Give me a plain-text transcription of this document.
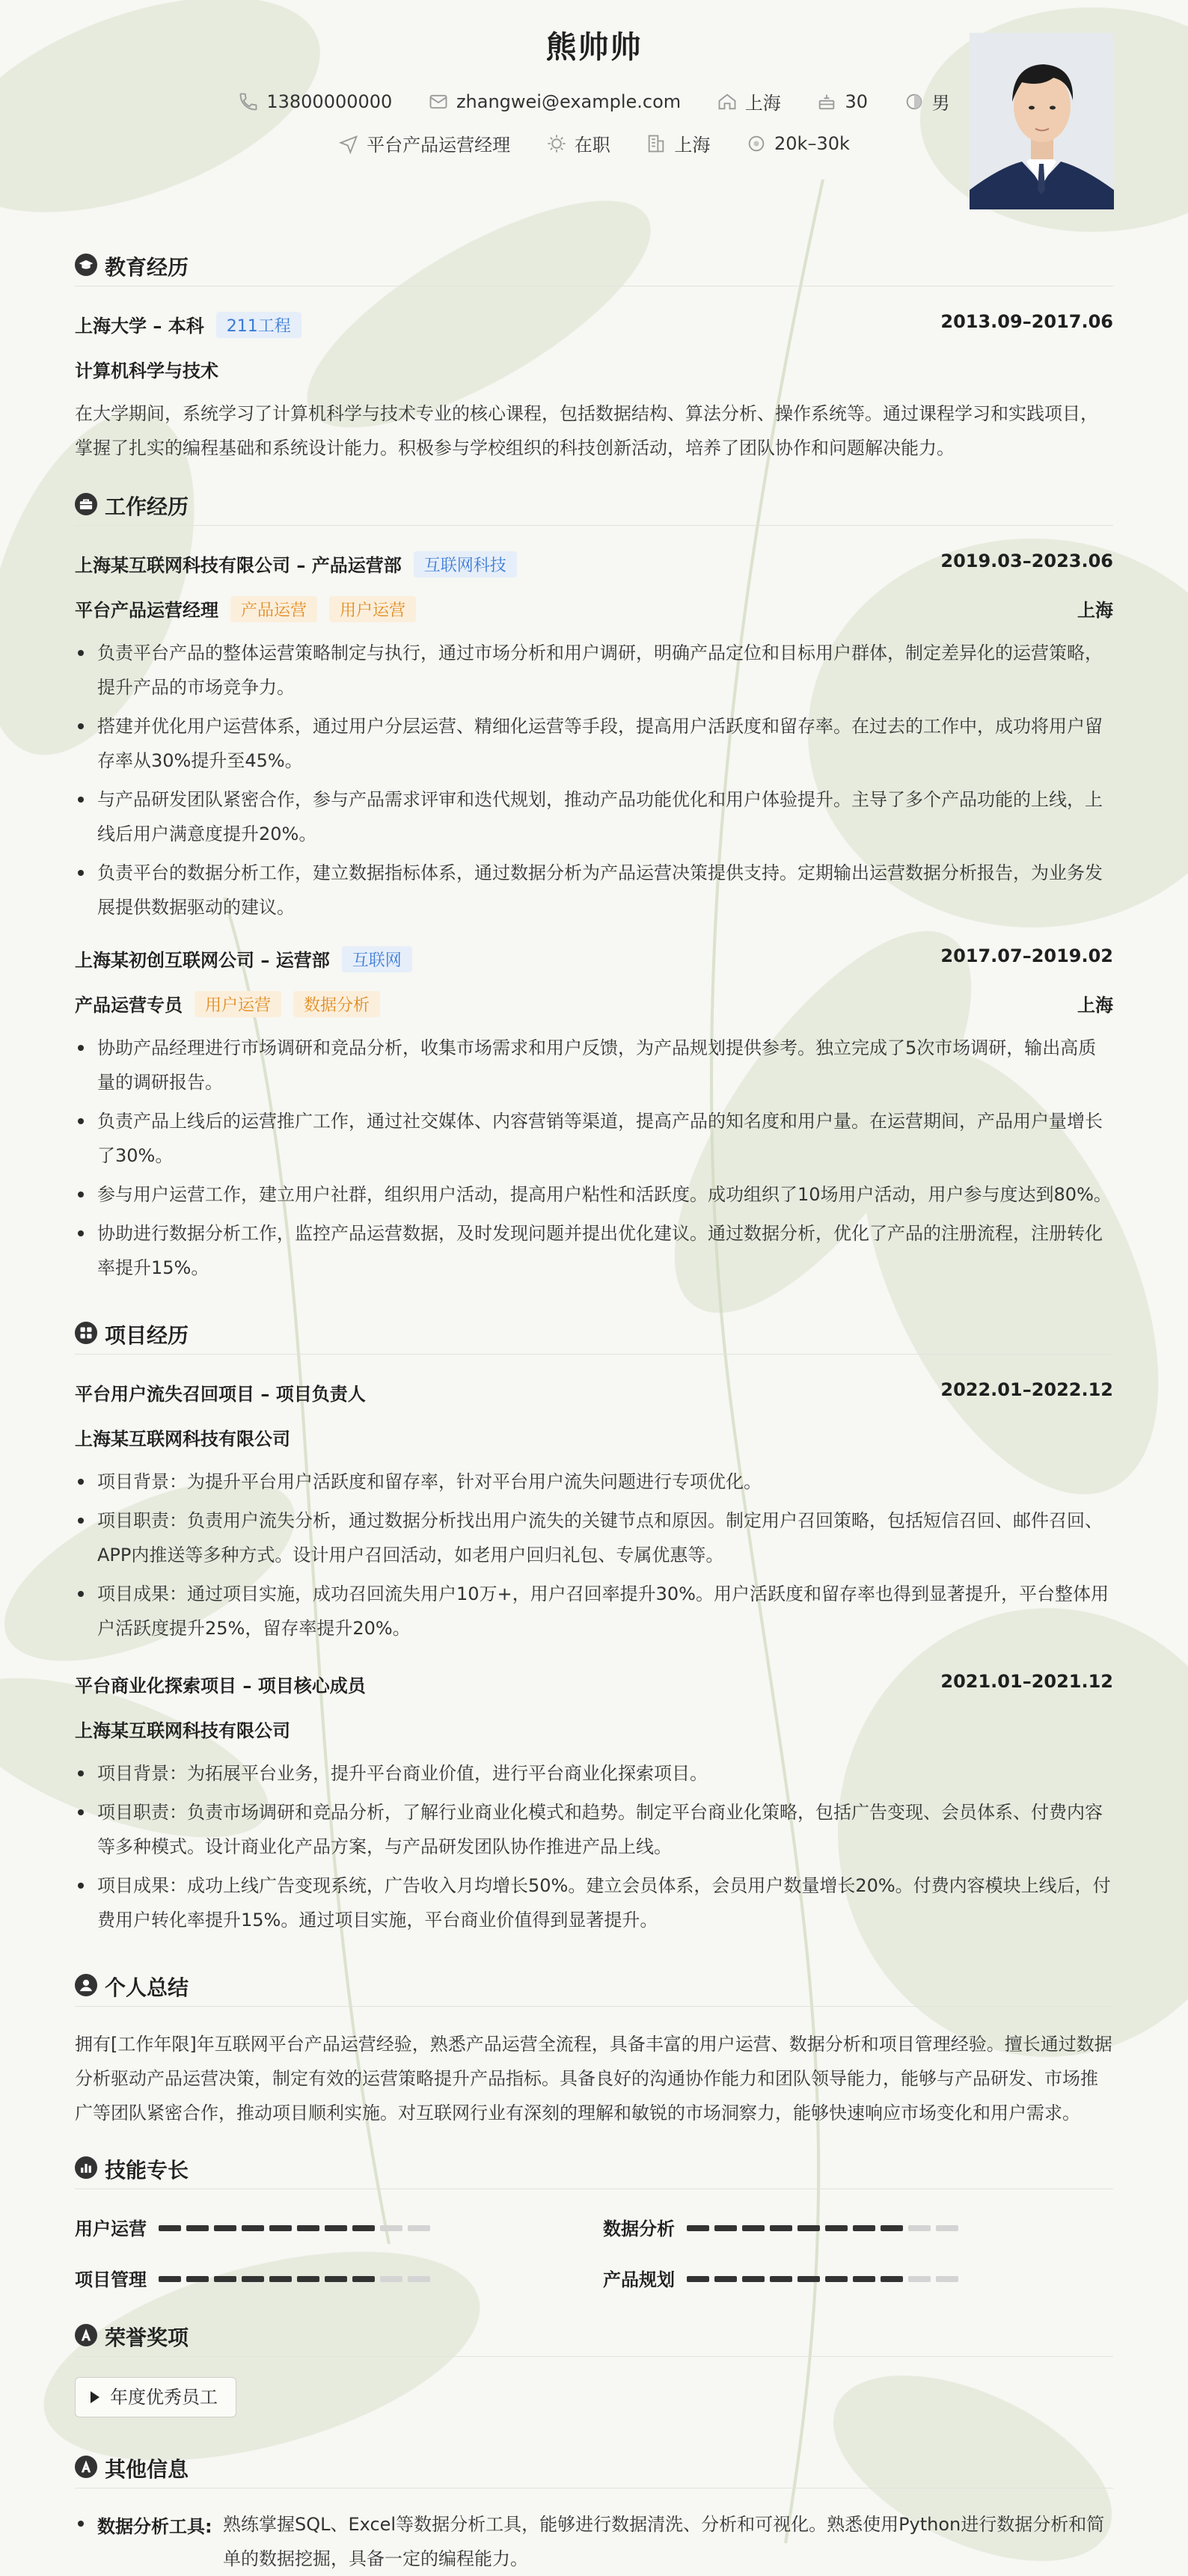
熊帅帅
13800000000	zhangwei@example.com	上海	30	男
平台产品运营经理	在职	上海	20k–30k
教育经历
上海大学 – 本科 211工程	2013.09–2017.06
计算机科学与技术
在大学期间，系统学习了计算机科学与技术专业的核心课程，包括数据结构、算法分析、操作系统等。通过课程学习和实践项目，掌握了扎实的编程基础和系统设计能力。积极参与学校组织的科技创新活动，培养了团队协作和问题解决能力。
工作经历
上海某互联网科技有限公司 – 产品运营部 互联网科技	2019.03–2023.06
平台产品运营经理 产品运营 用户运营	上海
负责平台产品的整体运营策略制定与执行，通过市场分析和用户调研，明确产品定位和目标用户群体，制定差异化的运营策略，提升产品的市场竞争力。
搭建并优化用户运营体系，通过用户分层运营、精细化运营等手段，提高用户活跃度和留存率。在过去的工作中，成功将用户留存率从30%提升至45%。
与产品研发团队紧密合作，参与产品需求评审和迭代规划，推动产品功能优化和用户体验提升。主导了多个产品功能的上线，上线后用户满意度提升20%。
负责平台的数据分析工作，建立数据指标体系，通过数据分析为产品运营决策提供支持。定期输出运营数据分析报告，为业务发展提供数据驱动的建议。
上海某初创互联网公司 – 运营部 互联网	2017.07–2019.02
产品运营专员 用户运营 数据分析	上海
协助产品经理进行市场调研和竞品分析，收集市场需求和用户反馈，为产品规划提供参考。独立完成了5次市场调研，输出高质量的调研报告。
负责产品上线后的运营推广工作，通过社交媒体、内容营销等渠道，提高产品的知名度和用户量。在运营期间，产品用户量增长了30%。
参与用户运营工作，建立用户社群，组织用户活动，提高用户粘性和活跃度。成功组织了10场用户活动，用户参与度达到80%。
协助进行数据分析工作，监控产品运营数据，及时发现问题并提出优化建议。通过数据分析，优化了产品的注册流程，注册转化率提升15%。
项目经历
平台用户流失召回项目 – 项目负责人	2022.01–2022.12
上海某互联网科技有限公司
项目背景：为提升平台用户活跃度和留存率，针对平台用户流失问题进行专项优化。
项目职责：负责用户流失分析，通过数据分析找出用户流失的关键节点和原因。制定用户召回策略，包括短信召回、邮件召回、APP内推送等多种方式。设计用户召回活动，如老用户回归礼包、专属优惠等。
项目成果：通过项目实施，成功召回流失用户10万+，用户召回率提升30%。用户活跃度和留存率也得到显著提升，平台整体用户活跃度提升25%，留存率提升20%。
平台商业化探索项目 – 项目核心成员	2021.01–2021.12
上海某互联网科技有限公司
项目背景：为拓展平台业务，提升平台商业价值，进行平台商业化探索项目。
项目职责：负责市场调研和竞品分析，了解行业商业化模式和趋势。制定平台商业化策略，包括广告变现、会员体系、付费内容等多种模式。设计商业化产品方案，与产品研发团队协作推进产品上线。
项目成果：成功上线广告变现系统，广告收入月均增长50%。建立会员体系，会员用户数量增长20%。付费内容模块上线后，付费用户转化率提升15%。通过项目实施，平台商业价值得到显著提升。
个人总结
拥有[工作年限]年互联网平台产品运营经验，熟悉产品运营全流程，具备丰富的用户运营、数据分析和项目管理经验。擅长通过数据分析驱动产品运营决策，制定有效的运营策略提升产品指标。具备良好的沟通协作能力和团队领导能力，能够与产品研发、市场推广等团队紧密合作，推动项目顺利实施。对互联网行业有深刻的理解和敏锐的市场洞察力，能够快速响应市场变化和用户需求。
技能专长
用户运营	数据分析
项目管理	产品规划
荣誉奖项
年度优秀员工
其他信息
数据分析工具: 熟练掌握SQL、Excel等数据分析工具，能够进行数据清洗、分析和可视化。熟悉使用Python进行数据分析和简单的数据挖掘，具备一定的编程能力。
